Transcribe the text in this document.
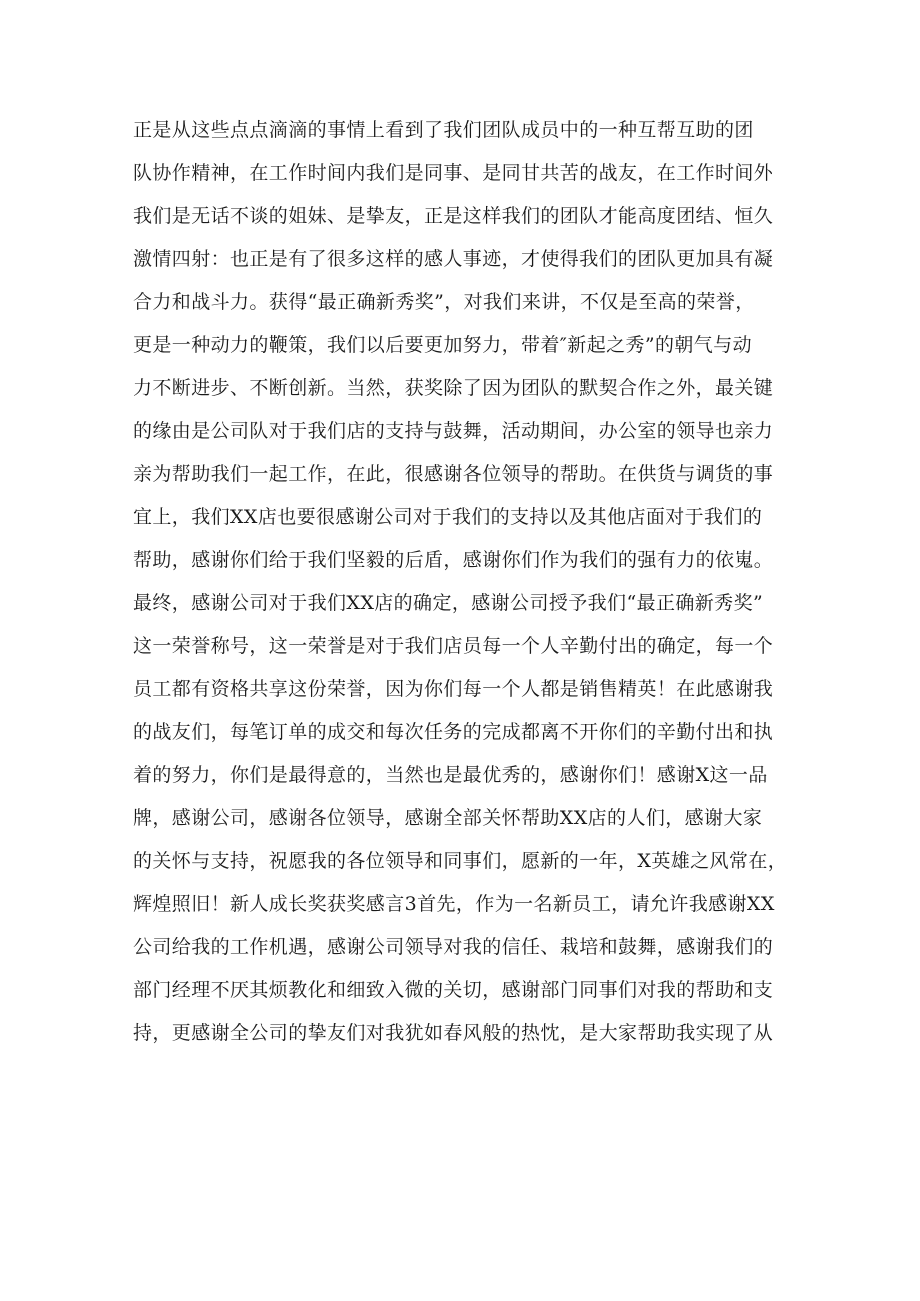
正是从这些点点滴滴的事情上看到了我们团队成员中的一种互帮互助的团
队协作精神，在工作时间内我们是同事、是同甘共苦的战友，在工作时间外
我们是无话不谈的姐妹、是挚友，正是这样我们的团队才能高度团结、恒久
激情四射：也正是有了很多这样的感人事迹，才使得我们的团队更加具有凝
合力和战斗力。获得“最正确新秀奖”，对我们来讲，不仅是至高的荣誉，
更是一种动力的鞭策，我们以后要更加努力，带着″新起之秀”的朝气与动
力不断进步、不断创新。当然，获奖除了因为团队的默契合作之外，最关键
的缘由是公司队对于我们店的支持与鼓舞，活动期间，办公室的领导也亲力
亲为帮助我们一起工作，在此，很感谢各位领导的帮助。在供货与调货的事
宜上，我们XX店也要很感谢公司对于我们的支持以及其他店面对于我们的
帮助，感谢你们给于我们坚毅的后盾，感谢你们作为我们的强有力的依嵬。
最终，感谢公司对于我们XX店的确定，感谢公司授予我们“最正确新秀奖”
这一荣誉称号，这一荣誉是对于我们店员每一个人辛勤付出的确定，每一个
员工都有资格共享这份荣誉，因为你们每一个人都是销售精英！在此感谢我
的战友们，每笔订单的成交和每次任务的完成都离不开你们的辛勤付出和执
着的努力，你们是最得意的，当然也是最优秀的，感谢你们！感谢X这一品
牌，感谢公司，感谢各位领导，感谢全部关怀帮助XX店的人们，感谢大家
的关怀与支持，祝愿我的各位领导和同事们，愿新的一年，X英雄之风常在，
辉煌照旧！新人成长奖获奖感言3首先，作为一名新员工，请允许我感谢XX
公司给我的工作机遇，感谢公司领导对我的信任、栽培和鼓舞，感谢我们的
部门经理不厌其烦教化和细致入微的关切，感谢部门同事们对我的帮助和支
持，更感谢全公司的挚友们对我犹如春风般的热忱，是大家帮助我实现了从
